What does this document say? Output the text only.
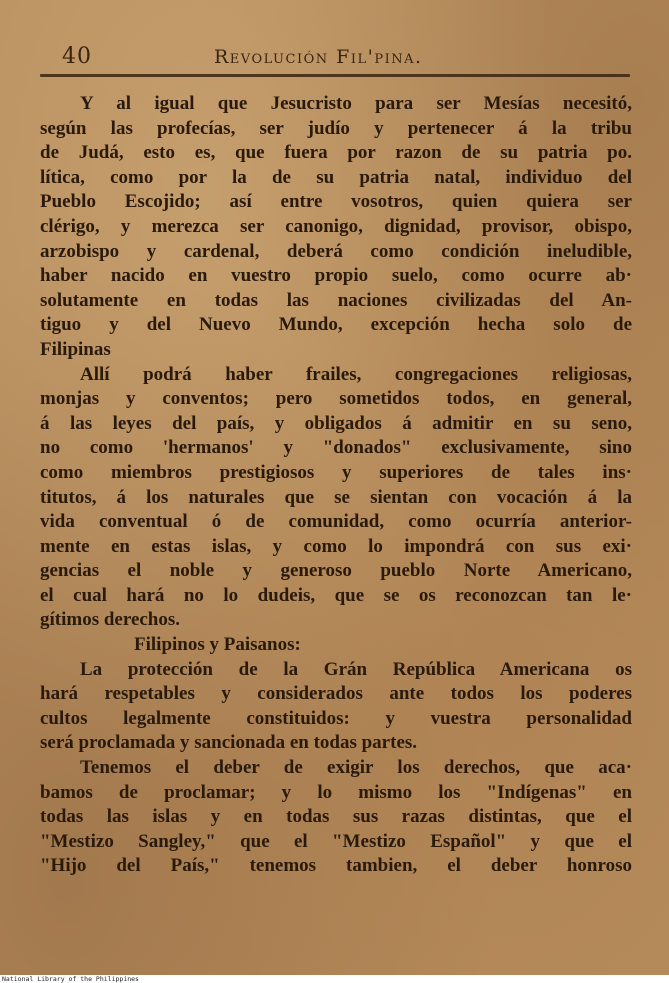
40	Revolución Fil'pina.
Y al igual que Jesucristo para ser Mesías necesitó,
según las profecías, ser judío y pertenecer á la tribu
de Judá, esto es, que fuera por razon de su patria po.
lítica, como por la de su patria natal, individuo del
Pueblo Escojido; así entre vosotros, quien quiera ser
clérigo, y merezca ser canonigo, dignidad, provisor, obispo,
arzobispo y cardenal, deberá como condición ineludible,
haber nacido en vuestro propio suelo, como ocurre ab·
solutamente en todas las naciones civilizadas del An-
tiguo y del Nuevo Mundo, excepción hecha solo de
Filipinas
Allí podrá haber frailes, congregaciones religiosas,
monjas y conventos; pero sometidos todos, en general,
á las leyes del país, y obligados á admitir en su seno,
no como 'hermanos' y "donados" exclusivamente, sino
como miembros prestigiosos y superiores de tales ins·
titutos, á los naturales que se sientan con vocación á la
vida conventual ó de comunidad, como ocurría anterior-
mente en estas islas, y como lo impondrá con sus exi·
gencias el noble y generoso pueblo Norte Americano,
el cual hará no lo dudeis, que se os reconozcan tan le·
gítimos derechos.
Filipinos y Paisanos:
La protección de la Grán República Americana os
hará respetables y considerados ante todos los poderes
cultos legalmente constituidos: y vuestra personalidad
será proclamada y sancionada en todas partes.
Tenemos el deber de exigir los derechos, que aca·
bamos de proclamar; y lo mismo los "Indígenas" en
todas las islas y en todas sus razas distintas, que el
"Mestizo Sangley," que el "Mestizo Español" y que el
"Hijo del País," tenemos tambien, el deber honroso
National Library of the Philippines
